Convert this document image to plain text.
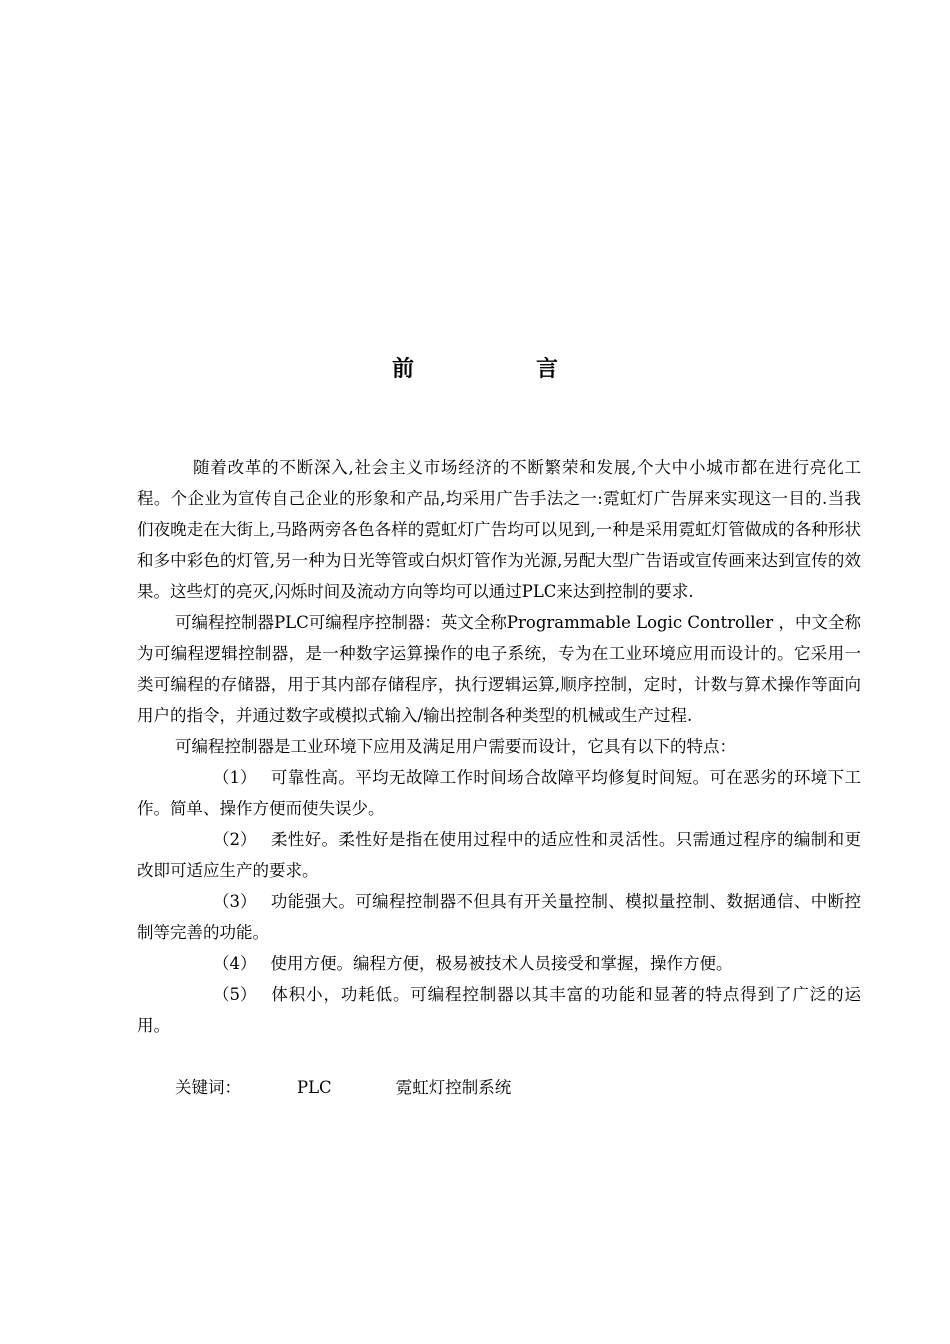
前　言

随着改革的不断深入,社会主义市场经济的不断繁荣和发展,个大中小城市都在进行亮化工程。个企业为宣传自己企业的形象和产品,均采用广告手法之一:霓虹灯广告屏来实现这一目的.当我们夜晚走在大街上,马路两旁各色各样的霓虹灯广告均可以见到,一种是采用霓虹灯管做成的各种形状和多中彩色的灯管,另一种为日光等管或白炽灯管作为光源,另配大型广告语或宣传画来达到宣传的效果。这些灯的亮灭,闪烁时间及流动方向等均可以通过PLC来达到控制的要求.

可编程控制器PLC可编程序控制器：英文全称Programmable Logic Controller ，中文全称为可编程逻辑控制器，是一种数字运算操作的电子系统，专为在工业环境应用而设计的。它采用一类可编程的存储器，用于其内部存储程序，执行逻辑运算,顺序控制，定时，计数与算术操作等面向用户的指令，并通过数字或模拟式输入/输出控制各种类型的机械或生产过程.

可编程控制器是工业环境下应用及满足用户需要而设计，它具有以下的特点：

（1） 可靠性高。平均无故障工作时间场合故障平均修复时间短。可在恶劣的环境下工作。简单、操作方便而使失误少。

（2） 柔性好。柔性好是指在使用过程中的适应性和灵活性。只需通过程序的编制和更改即可适应生产的要求。

（3） 功能强大。可编程控制器不但具有开关量控制、模拟量控制、数据通信、中断控制等完善的功能。

（4） 使用方便。编程方便，极易被技术人员接受和掌握，操作方便。

（5） 体积小，功耗低。可编程控制器以其丰富的功能和显著的特点得到了广泛的运用。

关键词：	PLC	霓虹灯控制系统
